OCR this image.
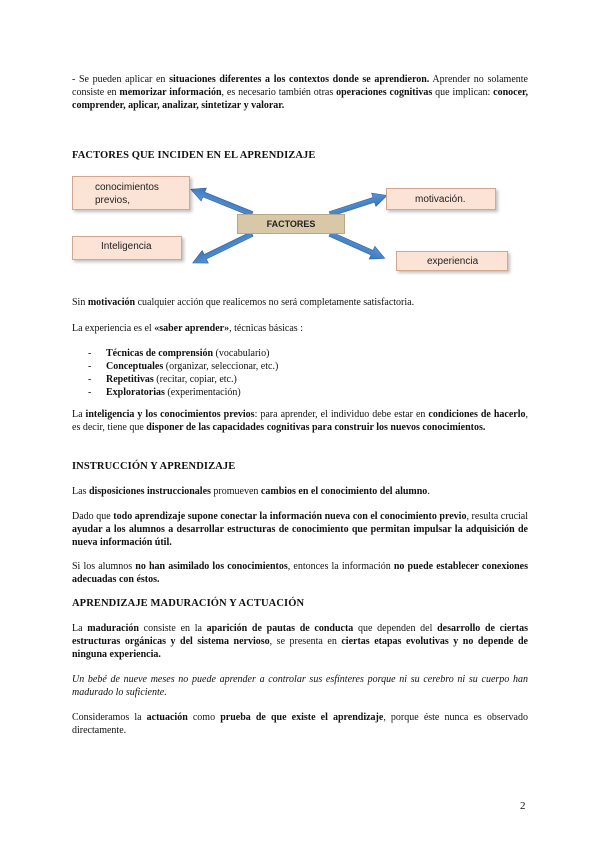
- Se pueden aplicar en situaciones diferentes a los contextos donde se aprendieron. Aprender no solamente consiste en memorizar información, es necesario también otras operaciones cognitivas que implican: conocer, comprender, aplicar, analizar, sintetizar y valorar.

FACTORES QUE INCIDEN EN EL APRENDIZAJE

conocimientos previos,
Inteligencia
motivación.
experiencia
FACTORES

Sin motivación cualquier acción que realicemos no será completamente satisfactoria.

La experiencia es el «saber aprender», técnicas básicas :

- Técnicas de comprensión (vocabulario)
- Conceptuales (organizar, seleccionar, etc.)
- Repetitivas (recitar, copiar, etc.)
- Exploratorias (experimentación)

La inteligencia y los conocimientos previos: para aprender, el individuo debe estar en condiciones de hacerlo, es decir, tiene que disponer de las capacidades cognitivas para construir los nuevos conocimientos.

INSTRUCCIÓN Y APRENDIZAJE

Las disposiciones instruccionales promueven cambios en el conocimiento del alumno.

Dado que todo aprendizaje supone conectar la información nueva con el conocimiento previo, resulta crucial ayudar a los alumnos a desarrollar estructuras de conocimiento que permitan impulsar la adquisición de nueva información útil.

Si los alumnos no han asimilado los conocimientos, entonces la información no puede establecer conexiones adecuadas con éstos.

APRENDIZAJE MADURACIÓN Y ACTUACIÓN

La maduración consiste en la aparición de pautas de conducta que dependen del desarrollo de ciertas estructuras orgánicas y del sistema nervioso, se presenta en ciertas etapas evolutivas y no depende de ninguna experiencia.

Un bebé de nueve meses no puede aprender a controlar sus esfínteres porque ni su cerebro ni su cuerpo han madurado lo suficiente.

Consideramos la actuación como prueba de que existe el aprendizaje, porque éste nunca es observado directamente.

2
